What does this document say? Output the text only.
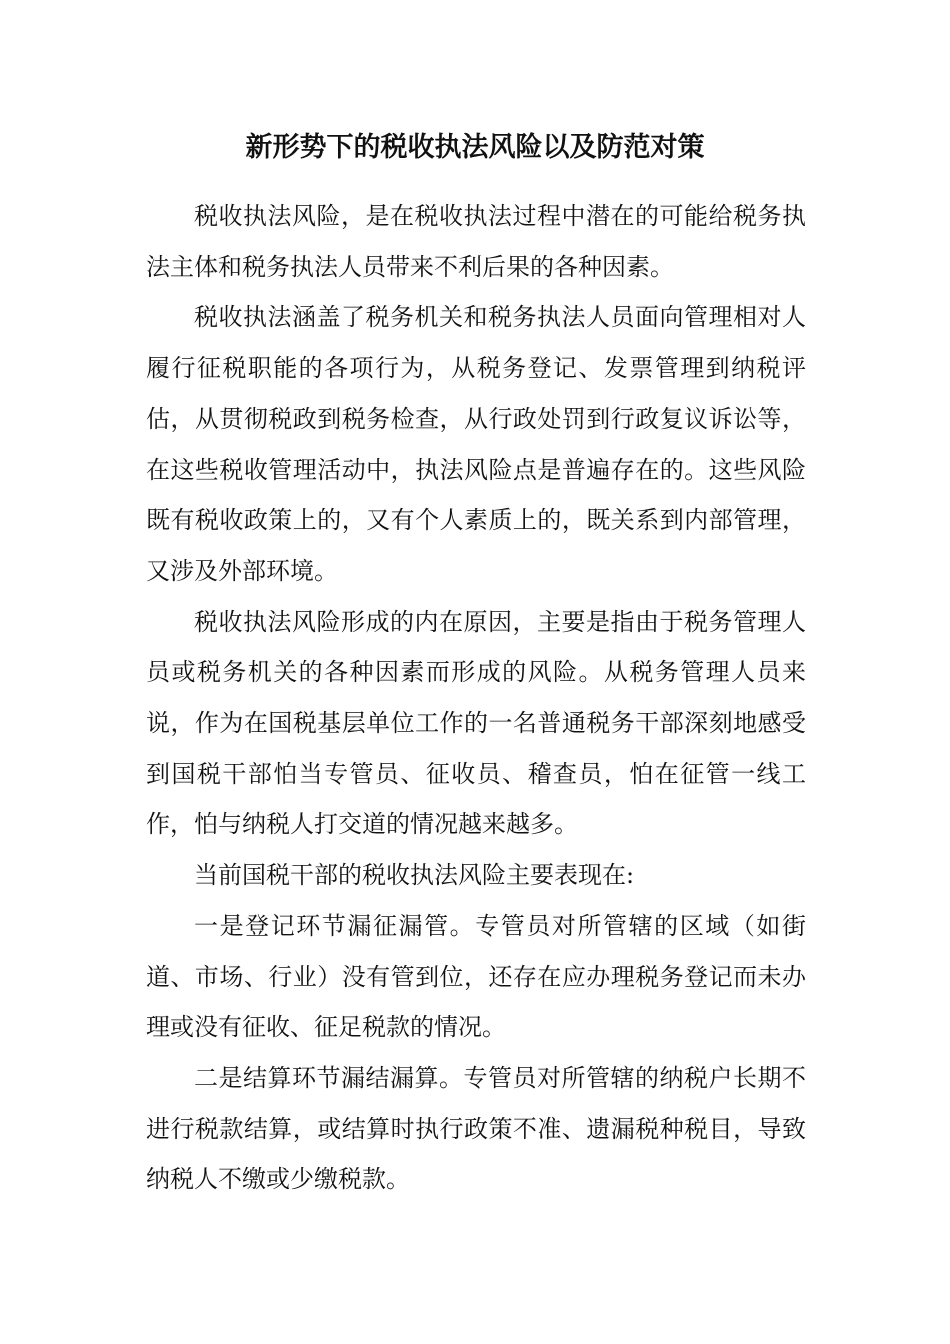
新形势下的税收执法风险以及防范对策

税收执法风险，是在税收执法过程中潜在的可能给税务执法主体和税务执法人员带来不利后果的各种因素。

税收执法涵盖了税务机关和税务执法人员面向管理相对人履行征税职能的各项行为，从税务登记、发票管理到纳税评估，从贯彻税政到税务检查，从行政处罚到行政复议诉讼等，在这些税收管理活动中，执法风险点是普遍存在的。这些风险既有税收政策上的，又有个人素质上的，既关系到内部管理，又涉及外部环境。

税收执法风险形成的内在原因，主要是指由于税务管理人员或税务机关的各种因素而形成的风险。从税务管理人员来说，作为在国税基层单位工作的一名普通税务干部深刻地感受到国税干部怕当专管员、征收员、稽查员，怕在征管一线工作，怕与纳税人打交道的情况越来越多。

当前国税干部的税收执法风险主要表现在:

一是登记环节漏征漏管。专管员对所管辖的区域（如街道、市场、行业）没有管到位，还存在应办理税务登记而未办理或没有征收、征足税款的情况。

二是结算环节漏结漏算。专管员对所管辖的纳税户长期不进行税款结算，或结算时执行政策不准、遗漏税种税目，导致纳税人不缴或少缴税款。
